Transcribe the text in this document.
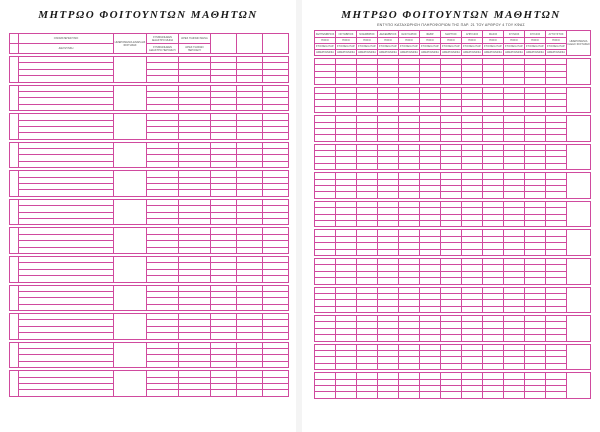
ΜΗΤΡΩΟ ΦΟΙΤΟΥΝΤΩΝ ΜΑΘΗΤΩΝ
	ΟΝΟΜΑΤΕΠΩΝΥΜΟ	ΗΜΕΡΟΜΗΝΙΑ ΕΝΑΡΞΗΣ ΦΟΙΤΗΣΗΣ	ΣΥΜΦΩΝΗΘΕΝ ΔΙΔΑΚΤΡΟ ΜΗΝΑ	ΩΡΕΣ ΓΙΑΦΙΩΝ ΜΗΝΑ			
	ΔΙΕΥΘΥΝΣΗ		ΣΥΜΦΩΝΗΘΕΝ ΔΙΔΑΚΤΡΟ ΠΕΡΙΟΔΟΥ	ΩΡΕΣ ΓΙΑΦΙΩΝ ΠΕΡΙΟΔΟΥ			

ΜΗΤΡΩΟ ΦΟΙΤΟΥΝΤΩΝ ΜΑΘΗΤΩΝ
ΕΝΤΥΠΟ ΚΑΤΑΧΩΡΗΣΗ ΠΛΗΡΟΦΟΡΙΩΝ ΤΗΣ ΠΑΡ. 21 ΤΟΥ ΑΡΘΡΟΥ 4 ΤΟΥ ΚΦΑΣ
ΣΕΠΤΕΜΒΡΙΟΣ	ΟΚΤΩΒΡΙΟΣ	ΝΟΕΜΒΡΙΟΣ	ΔΕΚΕΜΒΡΙΟΣ	ΙΑΝΟΥΑΡΙΟΣ	ΦΕΒΡ.	ΜΑΡΤΙΟΣ	ΑΠΡΙΛΙΟΣ	ΜΑΙΟΣ	ΙΟΥΝΙΟΣ	ΙΟΥΛΙΟΣ	ΑΥΓΟΥΣΤΟΣ	ΗΜΕΡΟΜΗΝΙΑ ΛΗΞΗΣ ΦΟΙΤΗΣΗΣ
ΠΟΣΟ	ΠΟΣΟ	ΠΟΣΟ	ΠΟΣΟ	ΠΟΣΟ	ΠΟΣΟ	ΠΟΣΟ	ΠΟΣΟ	ΠΟΣΟ	ΠΟΣΟ	ΠΟΣΟ	ΠΟΣΟ	
ΣΤΟΙΧΕΙΑ ΠΑΡ.	ΣΤΟΙΧΕΙΑ ΠΑΡ.	ΣΤΟΙΧΕΙΑ ΠΑΡ.	ΣΤΟΙΧΕΙΑ ΠΑΡ.	ΣΤΟΙΧΕΙΑ ΠΑΡ.	ΣΤΟΙΧΕΙΑ ΠΑΡ.	ΣΤΟΙΧΕΙΑ ΠΑΡ.	ΣΤΟΙΧΕΙΑ ΠΑΡ.	ΣΤΟΙΧΕΙΑ ΠΑΡ.	ΣΤΟΙΧΕΙΑ ΠΑΡ.	ΣΤΟΙΧΕΙΑ ΠΑΡ.	ΣΤΟΙΧΕΙΑ ΠΑΡ.	
ΗΜΕΡΟΜΗΝΙΑ	ΗΜΕΡΟΜΗΝΙΑ	ΗΜΕΡΟΜΗΝΙΑ	ΗΜΕΡΟΜΗΝΙΑ	ΗΜΕΡΟΜΗΝΙΑ	ΗΜΕΡΟΜΗΝΙΑ	ΗΜΕΡΟΜΗΝΙΑ	ΗΜΕΡΟΜΗΝΙΑ	ΗΜΕΡΟΜΗΝΙΑ	ΗΜΕΡΟΜΗΝΙΑ	ΗΜΕΡΟΜΗΝΙΑ	ΗΜΕΡΟΜΗΝΙΑ	
